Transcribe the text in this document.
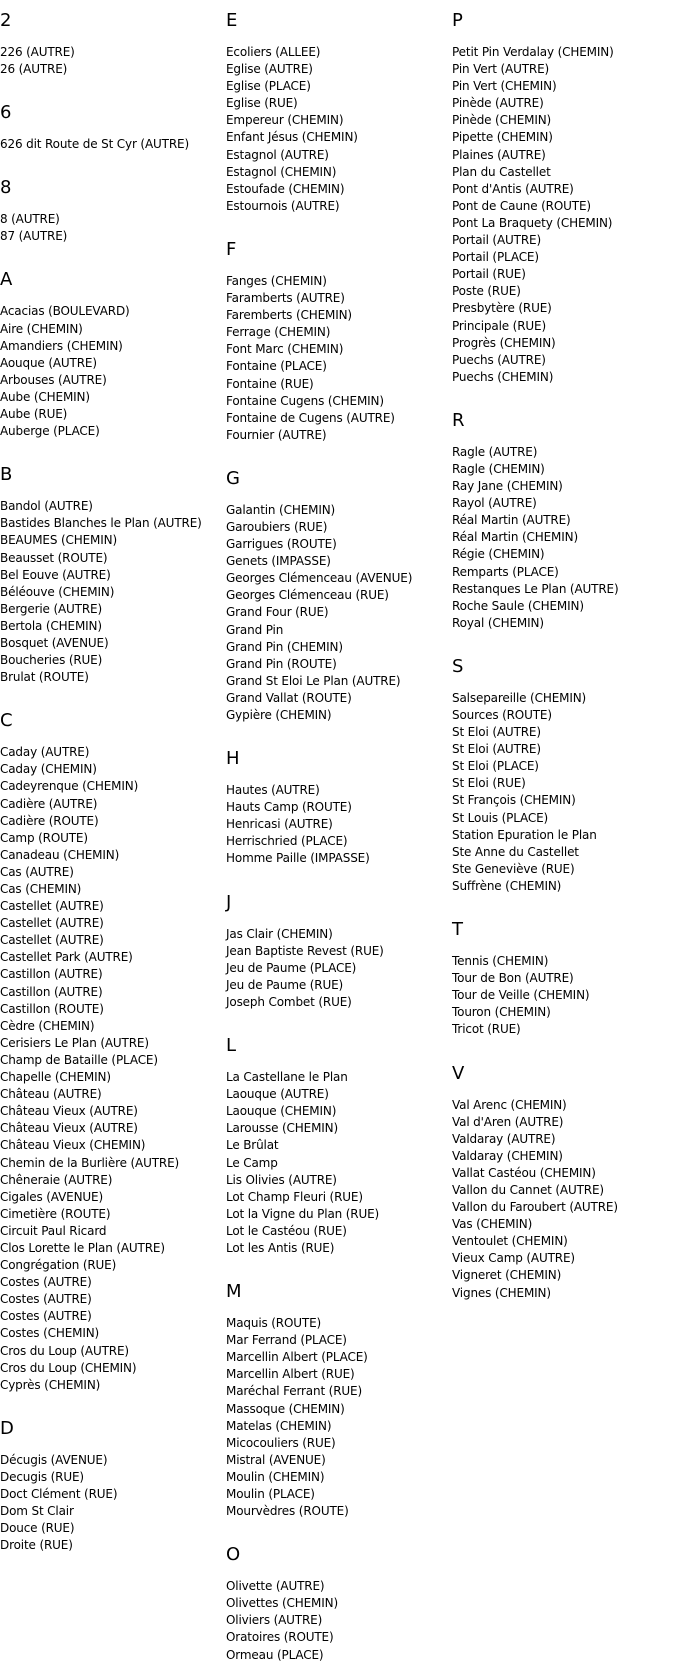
2
226 (AUTRE)
26 (AUTRE)
6
626 dit Route de St Cyr (AUTRE)
8
8 (AUTRE)
87 (AUTRE)
A
Acacias (BOULEVARD)
Aire (CHEMIN)
Amandiers (CHEMIN)
Aouque (AUTRE)
Arbouses (AUTRE)
Aube (CHEMIN)
Aube (RUE)
Auberge (PLACE)
B
Bandol (AUTRE)
Bastides Blanches le Plan (AUTRE)
BEAUMES (CHEMIN)
Beausset (ROUTE)
Bel Eouve (AUTRE)
Béléouve (CHEMIN)
Bergerie (AUTRE)
Bertola (CHEMIN)
Bosquet (AVENUE)
Boucheries (RUE)
Brulat (ROUTE)
C
Caday (AUTRE)
Caday (CHEMIN)
Cadeyrenque (CHEMIN)
Cadière (AUTRE)
Cadière (ROUTE)
Camp (ROUTE)
Canadeau (CHEMIN)
Cas (AUTRE)
Cas (CHEMIN)
Castellet (AUTRE)
Castellet (AUTRE)
Castellet (AUTRE)
Castellet Park (AUTRE)
Castillon (AUTRE)
Castillon (AUTRE)
Castillon (ROUTE)
Cèdre (CHEMIN)
Cerisiers Le Plan (AUTRE)
Champ de Bataille (PLACE)
Chapelle (CHEMIN)
Château (AUTRE)
Château Vieux (AUTRE)
Château Vieux (AUTRE)
Château Vieux (CHEMIN)
Chemin de la Burlière (AUTRE)
Chêneraie (AUTRE)
Cigales (AVENUE)
Cimetière (ROUTE)
Circuit Paul Ricard
Clos Lorette le Plan (AUTRE)
Congrégation (RUE)
Costes (AUTRE)
Costes (AUTRE)
Costes (AUTRE)
Costes (CHEMIN)
Cros du Loup (AUTRE)
Cros du Loup (CHEMIN)
Cyprès (CHEMIN)
D
Décugis (AVENUE)
Decugis (RUE)
Doct Clément (RUE)
Dom St Clair
Douce (RUE)
Droite (RUE)
E
Ecoliers (ALLEE)
Eglise (AUTRE)
Eglise (PLACE)
Eglise (RUE)
Empereur (CHEMIN)
Enfant Jésus (CHEMIN)
Estagnol (AUTRE)
Estagnol (CHEMIN)
Estoufade (CHEMIN)
Estournois (AUTRE)
F
Fanges (CHEMIN)
Faramberts (AUTRE)
Faremberts (CHEMIN)
Ferrage (CHEMIN)
Font Marc (CHEMIN)
Fontaine (PLACE)
Fontaine (RUE)
Fontaine Cugens (CHEMIN)
Fontaine de Cugens (AUTRE)
Fournier (AUTRE)
G
Galantin (CHEMIN)
Garoubiers (RUE)
Garrigues (ROUTE)
Genets (IMPASSE)
Georges Clémenceau (AVENUE)
Georges Clémenceau (RUE)
Grand Four (RUE)
Grand Pin
Grand Pin (CHEMIN)
Grand Pin (ROUTE)
Grand St Eloi Le Plan (AUTRE)
Grand Vallat (ROUTE)
Gypière (CHEMIN)
H
Hautes (AUTRE)
Hauts Camp (ROUTE)
Henricasi (AUTRE)
Herrischried (PLACE)
Homme Paille (IMPASSE)
J
Jas Clair (CHEMIN)
Jean Baptiste Revest (RUE)
Jeu de Paume (PLACE)
Jeu de Paume (RUE)
Joseph Combet (RUE)
L
La Castellane le Plan
Laouque (AUTRE)
Laouque (CHEMIN)
Larousse (CHEMIN)
Le Brûlat
Le Camp
Lis Olivies (AUTRE)
Lot Champ Fleuri (RUE)
Lot la Vigne du Plan (RUE)
Lot le Castéou (RUE)
Lot les Antis (RUE)
M
Maquis (ROUTE)
Mar Ferrand (PLACE)
Marcellin Albert (PLACE)
Marcellin Albert (RUE)
Maréchal Ferrant (RUE)
Massoque (CHEMIN)
Matelas (CHEMIN)
Micocouliers (RUE)
Mistral (AVENUE)
Moulin (CHEMIN)
Moulin (PLACE)
Mourvèdres (ROUTE)
O
Olivette (AUTRE)
Olivettes (CHEMIN)
Oliviers (AUTRE)
Oratoires (ROUTE)
Ormeau (PLACE)
P
Petit Pin Verdalay (CHEMIN)
Pin Vert (AUTRE)
Pin Vert (CHEMIN)
Pinède (AUTRE)
Pinède (CHEMIN)
Pipette (CHEMIN)
Plaines (AUTRE)
Plan du Castellet
Pont d'Antis (AUTRE)
Pont de Caune (ROUTE)
Pont La Braquety (CHEMIN)
Portail (AUTRE)
Portail (PLACE)
Portail (RUE)
Poste (RUE)
Presbytère (RUE)
Principale (RUE)
Progrès (CHEMIN)
Puechs (AUTRE)
Puechs (CHEMIN)
R
Ragle (AUTRE)
Ragle (CHEMIN)
Ray Jane (CHEMIN)
Rayol (AUTRE)
Réal Martin (AUTRE)
Réal Martin (CHEMIN)
Régie (CHEMIN)
Remparts (PLACE)
Restanques Le Plan (AUTRE)
Roche Saule (CHEMIN)
Royal (CHEMIN)
S
Salsepareille (CHEMIN)
Sources (ROUTE)
St Eloi (AUTRE)
St Eloi (AUTRE)
St Eloi (PLACE)
St Eloi (RUE)
St François (CHEMIN)
St Louis (PLACE)
Station Epuration le Plan
Ste Anne du Castellet
Ste Geneviève (RUE)
Suffrène (CHEMIN)
T
Tennis (CHEMIN)
Tour de Bon (AUTRE)
Tour de Veille (CHEMIN)
Touron (CHEMIN)
Tricot (RUE)
V
Val Arenc (CHEMIN)
Val d'Aren (AUTRE)
Valdaray (AUTRE)
Valdaray (CHEMIN)
Vallat Castéou (CHEMIN)
Vallon du Cannet (AUTRE)
Vallon du Faroubert (AUTRE)
Vas (CHEMIN)
Ventoulet (CHEMIN)
Vieux Camp (AUTRE)
Vigneret (CHEMIN)
Vignes (CHEMIN)
